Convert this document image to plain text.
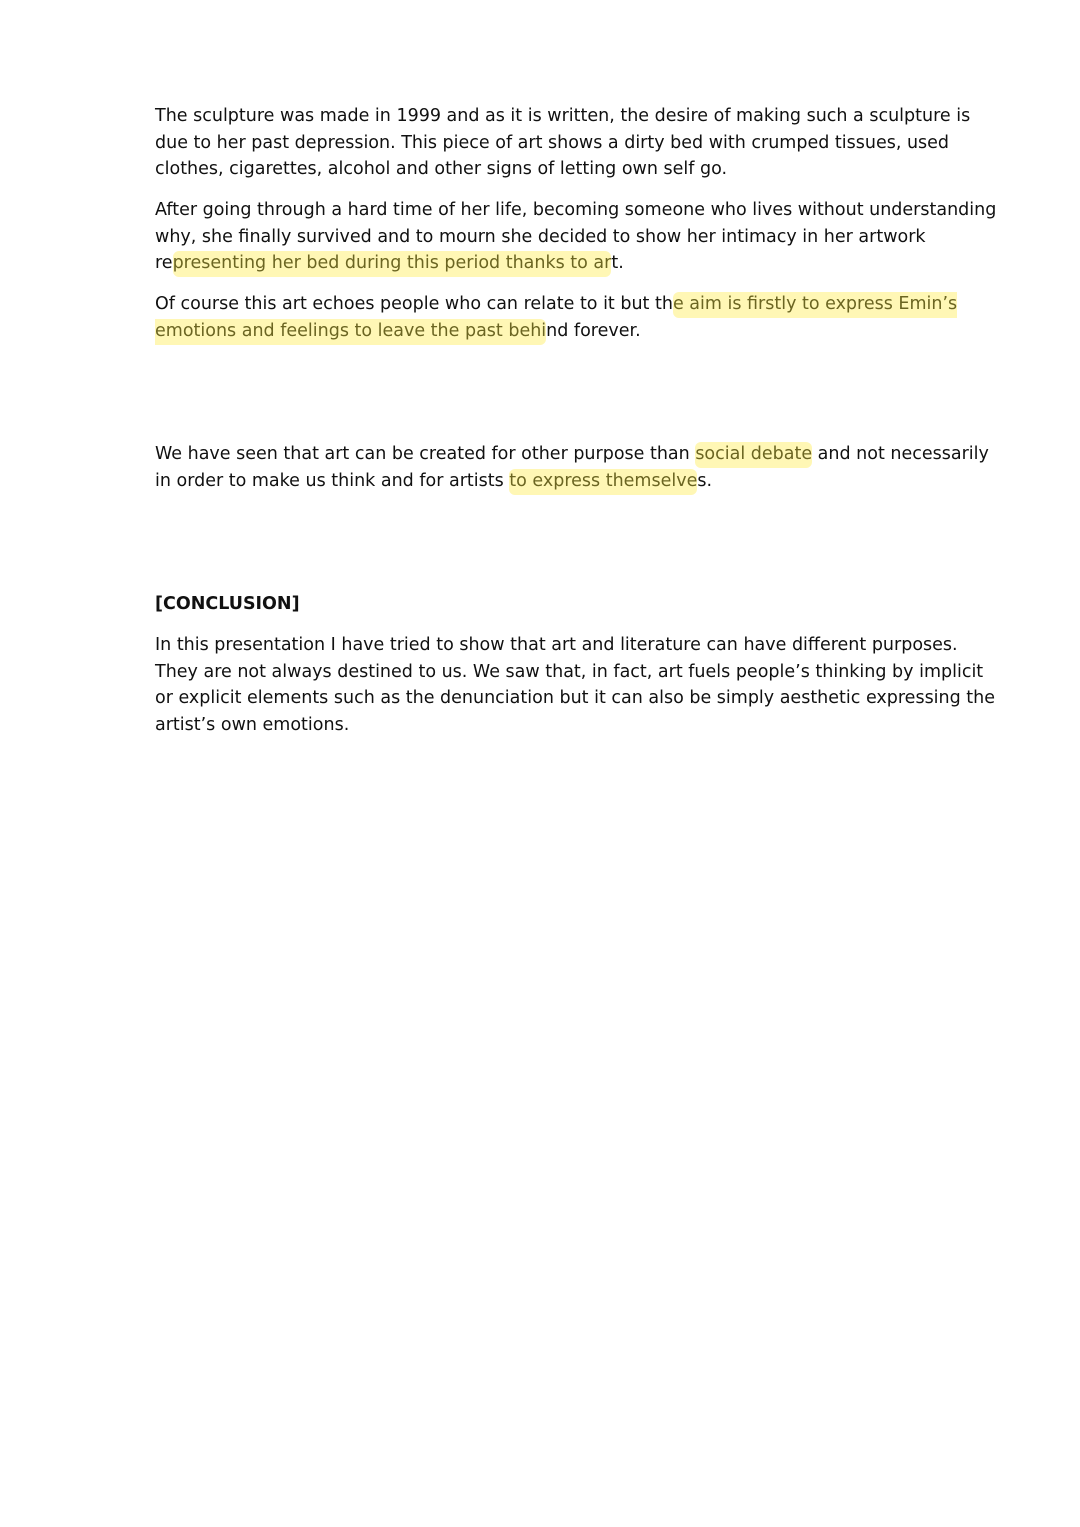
The sculpture was made in 1999 and as it is written, the desire of making such a sculpture is due to her past depression. This piece of art shows a dirty bed with crumped tissues, used clothes, cigarettes, alcohol and other signs of letting own self go.

After going through a hard time of her life, becoming someone who lives without understanding why, she finally survived and to mourn she decided to show her intimacy in her artwork representing her bed during this period thanks to art.

Of course this art echoes people who can relate to it but the aim is firstly to express Emin’s emotions and feelings to leave the past behind forever.

We have seen that art can be created for other purpose than social debate and not necessarily in order to make us think and for artists to express themselves.

[CONCLUSION]

In this presentation I have tried to show that art and literature can have different purposes. They are not always destined to us. We saw that, in fact, art fuels people’s thinking by implicit or explicit elements such as the denunciation but it can also be simply aesthetic expressing the artist’s own emotions.
